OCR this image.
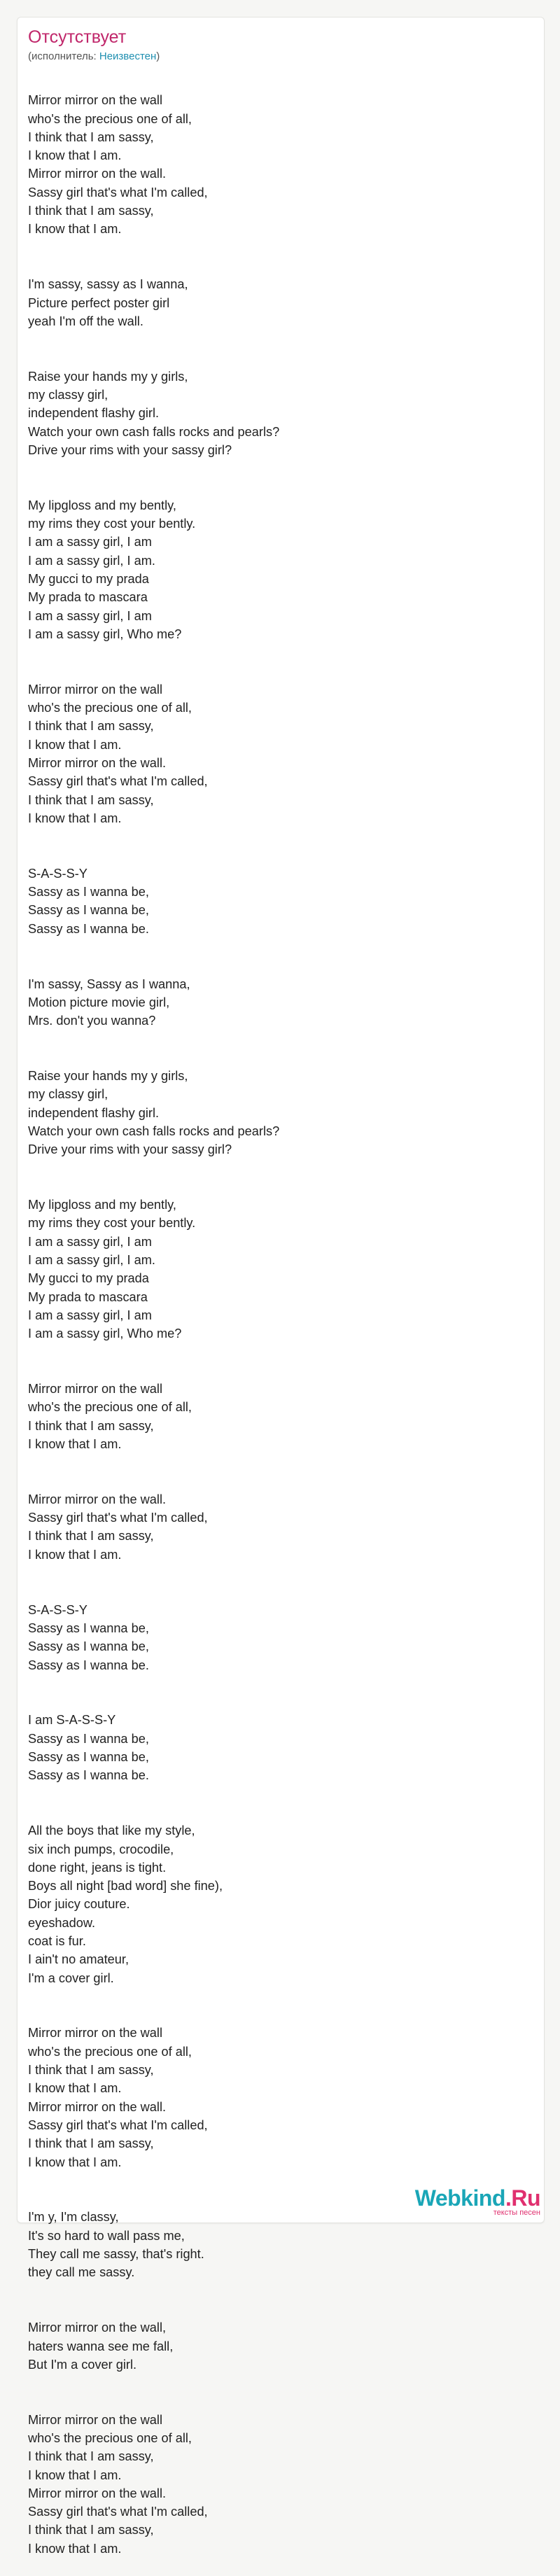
Отсутствует
(исполнитель: Неизвестен)

Mirror mirror on the wall
who's the precious one of all,
I think that I am sassy,
I know that I am.
Mirror mirror on the wall.
Sassy girl that's what I'm called,
I think that I am sassy,
I know that I am.

I'm sassy, sassy as I wanna,
Picture perfect poster girl
yeah I'm off the wall.

Raise your hands my y girls,
my classy girl,
independent flashy girl.
Watch your own cash falls rocks and pearls?
Drive your rims with your sassy girl?

My lipgloss and my bently,
my rims they cost your bently.
I am a sassy girl, I am
I am a sassy girl, I am.
My gucci to my prada
My prada to mascara
I am a sassy girl, I am
I am a sassy girl, Who me?

Mirror mirror on the wall
who's the precious one of all,
I think that I am sassy,
I know that I am.
Mirror mirror on the wall.
Sassy girl that's what I'm called,
I think that I am sassy,
I know that I am.

S-A-S-S-Y
Sassy as I wanna be,
Sassy as I wanna be,
Sassy as I wanna be.

I'm sassy, Sassy as I wanna,
Motion picture movie girl,
Mrs. don't you wanna?

Raise your hands my y girls,
my classy girl,
independent flashy girl.
Watch your own cash falls rocks and pearls?
Drive your rims with your sassy girl?

My lipgloss and my bently,
my rims they cost your bently.
I am a sassy girl, I am
I am a sassy girl, I am.
My gucci to my prada
My prada to mascara
I am a sassy girl, I am
I am a sassy girl, Who me?

Mirror mirror on the wall
who's the precious one of all,
I think that I am sassy,
I know that I am.

Mirror mirror on the wall.
Sassy girl that's what I'm called,
I think that I am sassy,
I know that I am.

S-A-S-S-Y
Sassy as I wanna be,
Sassy as I wanna be,
Sassy as I wanna be.

I am S-A-S-S-Y
Sassy as I wanna be,
Sassy as I wanna be,
Sassy as I wanna be.

All the boys that like my style,
six inch pumps, crocodile,
done right, jeans is tight.
Boys all night [bad word] she fine),
Dior juicy couture.
eyeshadow.
coat is fur.
I ain't no amateur,
I'm a cover girl.

Mirror mirror on the wall
who's the precious one of all,
I think that I am sassy,
I know that I am.
Mirror mirror on the wall.
Sassy girl that's what I'm called,
I think that I am sassy,
I know that I am.

I'm y, I'm classy,
It's so hard to wall pass me,
They call me sassy, that's right.
they call me sassy.

Mirror mirror on the wall,
haters wanna see me fall,
But I'm a cover girl.

Mirror mirror on the wall
who's the precious one of all,
I think that I am sassy,
I know that I am.
Mirror mirror on the wall.
Sassy girl that's what I'm called,
I think that I am sassy,
I know that I am.

Webkind.Ru
тексты песен
